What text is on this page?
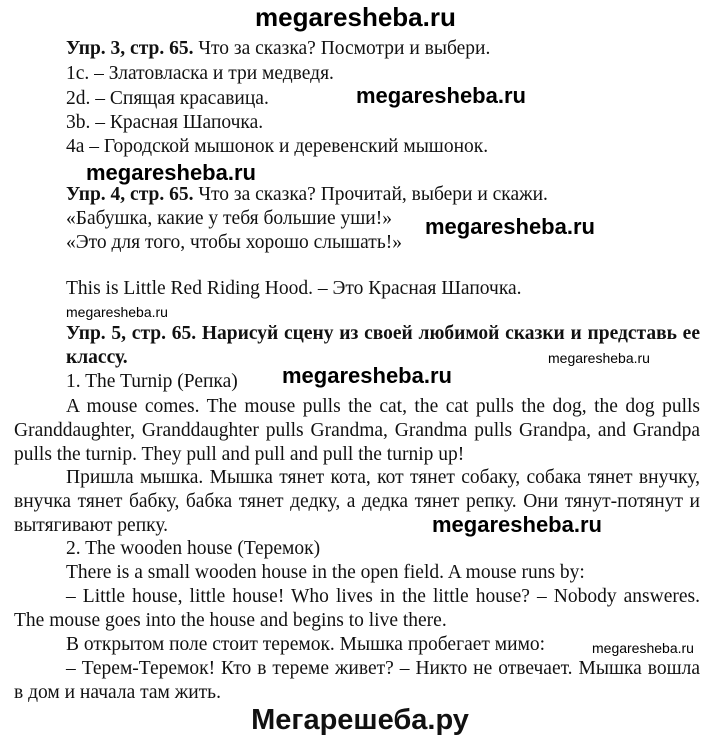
megaresheba.ru
Упр. 3, стр. 65. Что за сказка? Посмотри и выбери.
1c. – Златовласка и три медведя.
2d. – Спящая красавица.	megaresheba.ru
3b. – Красная Шапочка.
4a – Городской мышонок и деревенский мышонок.
megaresheba.ru
Упр. 4, стр. 65. Что за сказка? Прочитай, выбери и скажи.
«Бабушка, какие у тебя большие уши!» megaresheba.ru
«Это для того, чтобы хорошо слышать!»
This is Little Red Riding Hood. – Это Красная Шапочка.
megaresheba.ru
Упр. 5, стр. 65. Нарисуй сцену из своей любимой сказки и представь ее классу.	megaresheba.ru
1. The Turnip (Репка) megaresheba.ru
A mouse comes. The mouse pulls the cat, the cat pulls the dog, the dog pulls Granddaughter, Granddaughter pulls Grandma, Grandma pulls Grandpa, and Grandpa pulls the turnip. They pull and pull and pull the turnip up!
Пришла мышка. Мышка тянет кота, кот тянет собаку, собака тянет внучку, внучка тянет бабку, бабка тянет дедку, а дедка тянет репку. Они тянут-потянут и вытягивают репку.	megaresheba.ru
2. The wooden house (Теремок)
There is a small wooden house in the open field. A mouse runs by:
– Little house, little house! Who lives in the little house? – Nobody answeres. The mouse goes into the house and begins to live there.
В открытом поле стоит теремок. Мышка пробегает мимо:	megaresheba.ru
– Терем-Теремок! Кто в тереме живет? – Никто не отвечает. Мышка вошла в дом и начала там жить.
Мегарешеба.ру
